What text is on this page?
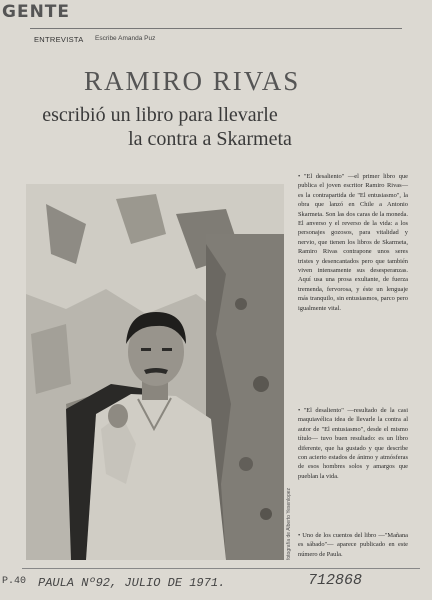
GENTE
ENTREVISTA Escribe Amanda Puz
RAMIRO RIVAS
escribió un libro para llevarle
la contra a Skarmeta
fotografía de Alberto Yesenlopez

• "El desaliento" —el primer libro que publica el joven escritor Ramiro Rivas— es la contrapartida de "El entusiasmo", la obra que lanzó en Chile a Antonio Skarmeta. Son las dos caras de la moneda. El anverso y el reverso de la vida: a los personajes gozosos, para vitalidad y nervio, que tienen los libros de Skarmeta, Ramiro Rivas contrapone unos seres tristes y desencantados pero que también viven intensamente sus desesperanzas. Aquí usa una prosa exultante, de fuerza tremenda, fervorosa, y éste un lenguaje más tranquilo, sin entusiasmos, parco pero igualmente vital.

• "El desaliento" —resultado de la casi maquiavélica idea de llevarle la contra al autor de "El entusiasmo", desde el mismo título— tuvo buen resultado: es un libro diferente, que ha gustado y que describe con acierto estados de ánimo y atmósferas de esos hombres solos y amargos que pueblan la vida.

• Uno de los cuentos del libro —"Mañana es sábado"— aparece publicado en este número de Paula.

P.40 PAULA Nº92, JULIO DE 1971.	712868
